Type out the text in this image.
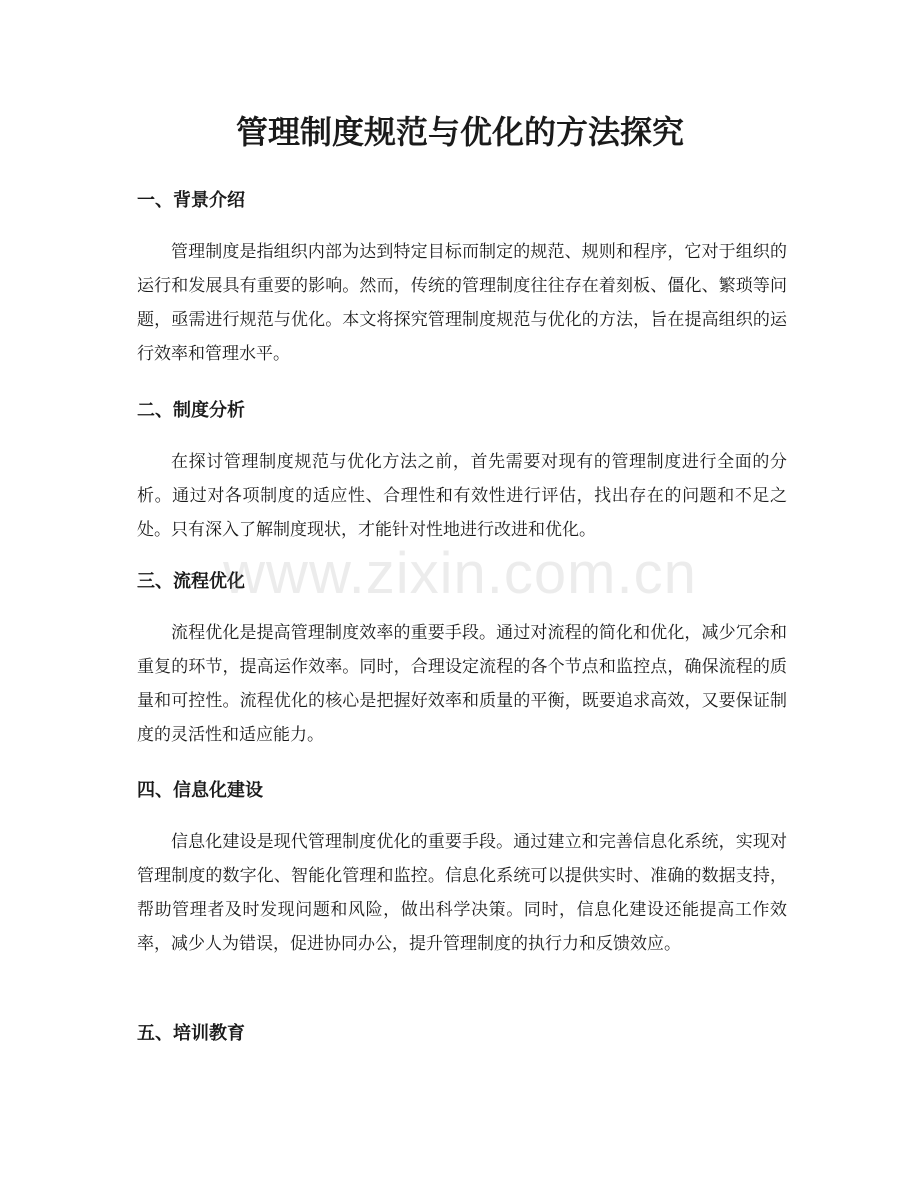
管理制度规范与优化的方法探究
一、背景介绍

管理制度是指组织内部为达到特定目标而制定的规范、规则和程序，它对于组织的运行和发展具有重要的影响。然而，传统的管理制度往往存在着刻板、僵化、繁琐等问题，亟需进行规范与优化。本文将探究管理制度规范与优化的方法，旨在提高组织的运行效率和管理水平。

二、制度分析

在探讨管理制度规范与优化方法之前，首先需要对现有的管理制度进行全面的分析。通过对各项制度的适应性、合理性和有效性进行评估，找出存在的问题和不足之处。只有深入了解制度现状，才能针对性地进行改进和优化。

三、流程优化

流程优化是提高管理制度效率的重要手段。通过对流程的简化和优化，减少冗余和重复的环节，提高运作效率。同时，合理设定流程的各个节点和监控点，确保流程的质量和可控性。流程优化的核心是把握好效率和质量的平衡，既要追求高效，又要保证制度的灵活性和适应能力。

四、信息化建设

信息化建设是现代管理制度优化的重要手段。通过建立和完善信息化系统，实现对管理制度的数字化、智能化管理和监控。信息化系统可以提供实时、准确的数据支持，帮助管理者及时发现问题和风险，做出科学决策。同时，信息化建设还能提高工作效率，减少人为错误，促进协同办公，提升管理制度的执行力和反馈效应。

五、培训教育
www.zixin.com.cn
